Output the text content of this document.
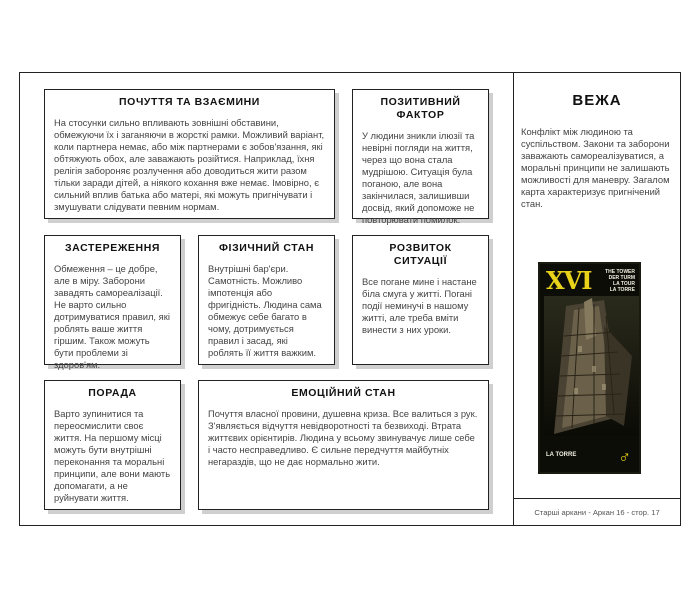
ПОЧУТТЯ ТА ВЗАЄМИНИ

На стосунки сильно впливають зовнішні обставини, обмежуючи їх і заганяючи в жорсткі рамки. Можливий варіант, коли партнера немає, або між партнерами є зобов'язання, які обтяжують обох, але заважають розійтися. Наприклад, їхня релігія забороняє розлучення або доводиться жити разом тільки заради дітей, а ніякого кохання вже немає. Імовірно, є сильний вплив батька або матері, які можуть пригнічувати і змушувати слідувати певним нормам.

ПОЗИТИВНИЙ ФАКТОР

У людини зникли ілюзії та невірні погляди на життя, через що вона стала мудрішою. Ситуація була поганою, але вона закінчилася, залишивши досвід, який допоможе не повторювати помилок.

ЗАСТЕРЕЖЕННЯ

Обмеження – це добре, але в міру. Заборони завадять самореалізації. Не варто сильно дотримуватися правил, які роблять ваше життя гіршим. Також можуть бути проблеми зі здоров'ям.

ФІЗИЧНИЙ СТАН

Внутрішні бар'єри. Самотність. Можливо імпотенція або фригідність. Людина сама обмежує себе багато в чому, дотримується правил і засад, які роблять її життя важким.

РОЗВИТОК СИТУАЦІЇ

Все погане мине і настане біла смуга у житті. Погані події неминучі в нашому житті, але треба вміти винести з них уроки.

ПОРАДА

Варто зупинитися та переосмислити своє життя. На першому місці можуть бути внутрішні переконання та моральні принципи, але вони мають допомагати, а не руйнувати життя.

ЕМОЦІЙНИЙ СТАН

Почуття власної провини, душевна криза. Все валиться з рук. З'являється відчуття невідворотності та безвиході. Втрата життєвих орієнтирів. Людина у всьому звинувачує лише себе і часто несправедливо. Є сильне передчуття майбутніх негараздів, що не дає нормально жити.

ВЕЖА

Конфлікт між людиною та суспільством. Закони та заборони заважають самореалізуватися, а моральні принципи не залишають можливості для маневру. Загалом карта характеризує пригнічений стан.

XVI	THE TOWER
DER TURM
LA TOUR
LA TORRE
LA TORRE ♂
Старші аркани - Аркан 16 - стор. 17
